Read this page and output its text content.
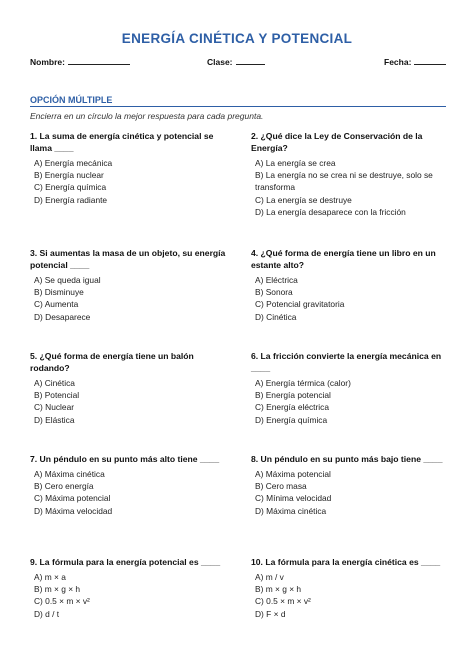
ENERGÍA CINÉTICA Y POTENCIAL
Nombre:	Clase:	Fecha:
OPCIÓN MÚLTIPLE
Encierra en un círculo la mejor respuesta para cada pregunta.
1. La suma de energía cinética y potencial se llama ____
A) Energía mecánica
B) Energía nuclear
C) Energía química
D) Energía radiante
2. ¿Qué dice la Ley de Conservación de la Energía?
A) La energía se crea
B) La energía no se crea ni se destruye, solo se transforma
C) La energía se destruye
D) La energía desaparece con la fricción
3. Si aumentas la masa de un objeto, su energía potencial ____
A) Se queda igual
B) Disminuye
C) Aumenta
D) Desaparece
4. ¿Qué forma de energía tiene un libro en un estante alto?
A) Eléctrica
B) Sonora
C) Potencial gravitatoria
D) Cinética
5. ¿Qué forma de energía tiene un balón rodando?
A) Cinética
B) Potencial
C) Nuclear
D) Elástica
6. La fricción convierte la energía mecánica en ____
A) Energía térmica (calor)
B) Energía potencial
C) Energía eléctrica
D) Energía química
7. Un péndulo en su punto más alto tiene ____
A) Máxima cinética
B) Cero energía
C) Máxima potencial
D) Máxima velocidad
8. Un péndulo en su punto más bajo tiene ____
A) Máxima potencial
B) Cero masa
C) Mínima velocidad
D) Máxima cinética
9. La fórmula para la energía potencial es ____
A) m × a
B) m × g × h
C) 0.5 × m × v²
D) d / t
10. La fórmula para la energía cinética es ____
A) m / v
B) m × g × h
C) 0.5 × m × v²
D) F × d
